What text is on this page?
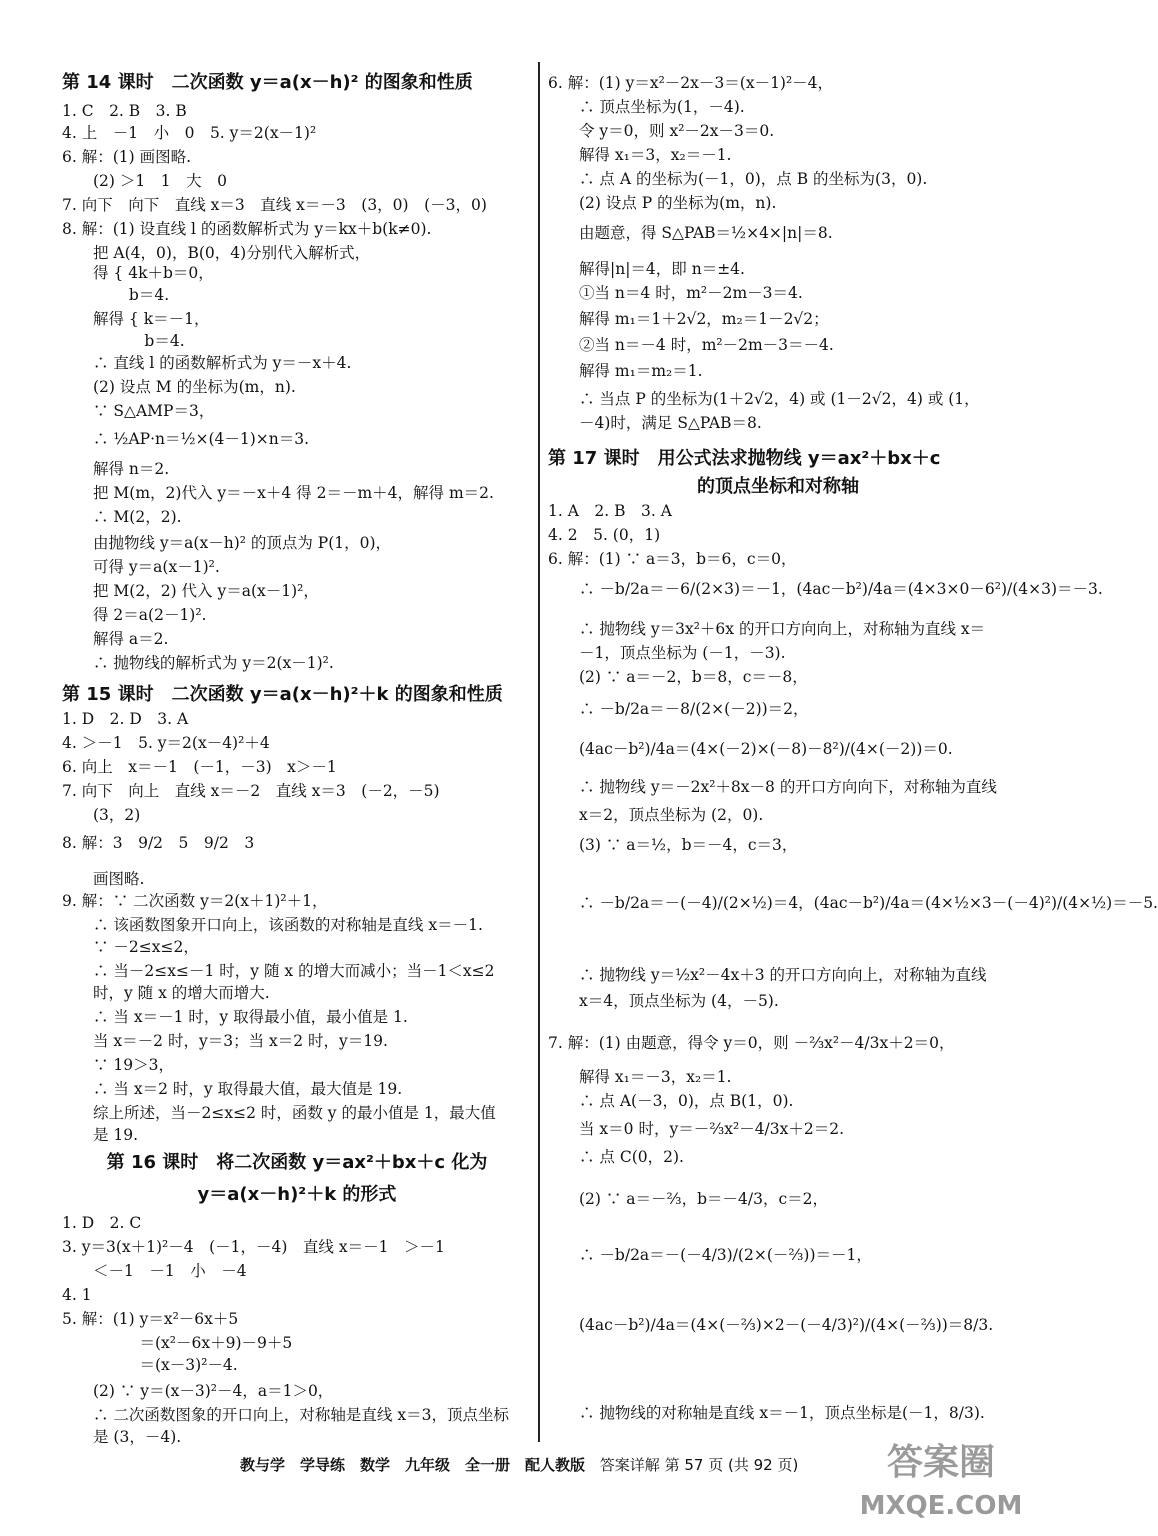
第 14 课时　二次函数 y＝a(x－h)² 的图象和性质
1. C　2. B　3. B
4. 上　－1　小　0　5. y＝2(x－1)²
6. 解：(1) 画图略.
　　(2) ＞1　1　大　0
7. 向下　向下　直线 x＝3　直线 x＝－3　(3，0)　(－3，0)
8. 解：(1) 设直线 l 的函数解析式为 y＝kx＋b(k≠0).
　　把 A(4，0)，B(0，4)分别代入解析式，
　　得 { 4k＋b＝0，
　　　　 b＝4.
　　解得 { k＝－1，
　　　　　 b＝4.
　　∴ 直线 l 的函数解析式为 y＝－x＋4.
　　(2) 设点 M 的坐标为(m，n).
　　∵ S△AMP＝3，
　　∴ ½AP·n＝½×(4－1)×n＝3.
　　解得 n＝2.
　　把 M(m，2)代入 y＝－x＋4 得 2＝－m＋4，解得 m＝2.
　　∴ M(2，2).
　　由抛物线 y＝a(x－h)² 的顶点为 P(1，0)，
　　可得 y＝a(x－1)².
　　把 M(2，2) 代入 y＝a(x－1)²，
　　得 2＝a(2－1)².
　　解得 a＝2.
　　∴ 抛物线的解析式为 y＝2(x－1)².
第 15 课时　二次函数 y＝a(x－h)²＋k 的图象和性质
1. D　2. D　3. A
4. ＞－1　5. y＝2(x－4)²＋4
6. 向上　x＝－1　(－1，－3)　x＞－1
7. 向下　向上　直线 x＝－2　直线 x＝3　(－2，－5)
　　(3，2)
8. 解：3　9/2　5　9/2　3
　　画图略.
9. 解：∵ 二次函数 y＝2(x＋1)²＋1，
　　∴ 该函数图象开口向上，该函数的对称轴是直线 x＝－1.
　　∵ －2≤x≤2，
　　∴ 当－2≤x≤－1 时，y 随 x 的增大而减小；当－1＜x≤2
　　时，y 随 x 的增大而增大.
　　∴ 当 x＝－1 时，y 取得最小值，最小值是 1.
　　当 x＝－2 时，y＝3；当 x＝2 时，y＝19.
　　∵ 19＞3，
　　∴ 当 x＝2 时，y 取得最大值，最大值是 19.
　　综上所述，当－2≤x≤2 时，函数 y 的最小值是 1，最大值
　　是 19.
第 16 课时　将二次函数 y＝ax²＋bx＋c 化为
y＝a(x－h)²＋k 的形式
1. D　2. C
3. y＝3(x＋1)²－4　(－1，－4)　直线 x＝－1　＞－1
　　＜－1　－1　小　－4
4. 1
5. 解：(1) y＝x²－6x＋5
　　　　　＝(x²－6x＋9)－9＋5
　　　　　＝(x－3)²－4.
　　(2) ∵ y＝(x－3)²－4，a＝1＞0，
　　∴ 二次函数图象的开口向上，对称轴是直线 x＝3，顶点坐标
　　是 (3，－4).
6. 解：(1) y＝x²－2x－3＝(x－1)²－4，
　　∴ 顶点坐标为(1，－4).
　　令 y＝0，则 x²－2x－3＝0.
　　解得 x₁＝3，x₂＝－1.
　　∴ 点 A 的坐标为(－1，0)，点 B 的坐标为(3，0).
　　(2) 设点 P 的坐标为(m，n).
　　由题意，得 S△PAB＝½×4×|n|＝8.
　　解得|n|＝4，即 n＝±4.
　　①当 n＝4 时，m²－2m－3＝4.
　　解得 m₁＝1＋2√2，m₂＝1－2√2；
　　②当 n＝－4 时，m²－2m－3＝－4.
　　解得 m₁＝m₂＝1.
　　∴ 当点 P 的坐标为(1＋2√2，4) 或 (1－2√2，4) 或 (1，
　　－4)时，满足 S△PAB＝8.
第 17 课时　用公式法求抛物线 y＝ax²＋bx＋c
的顶点坐标和对称轴
1. A　2. B　3. A
4. 2　5. (0，1)
6. 解：(1) ∵ a＝3，b＝6，c＝0，
　　∴ －b/2a＝－6/(2×3)＝－1，(4ac－b²)/4a＝(4×3×0－6²)/(4×3)＝－3.
　　∴ 抛物线 y＝3x²＋6x 的开口方向向上，对称轴为直线 x＝
　　－1，顶点坐标为 (－1，－3).
　　(2) ∵ a＝－2，b＝8，c＝－8，
　　∴ －b/2a＝－8/(2×(－2))＝2，
　　(4ac－b²)/4a＝(4×(－2)×(－8)－8²)/(4×(－2))＝0.
　　∴ 抛物线 y＝－2x²＋8x－8 的开口方向向下，对称轴为直线
　　x＝2，顶点坐标为 (2，0).
　　(3) ∵ a＝½，b＝－4，c＝3，
　　∴ －b/2a＝－(－4)/(2×½)＝4，(4ac－b²)/4a＝(4×½×3－(－4)²)/(4×½)＝－5.
　　∴ 抛物线 y＝½x²－4x＋3 的开口方向向上，对称轴为直线
　　x＝4，顶点坐标为 (4，－5).
7. 解：(1) 由题意，得令 y＝0，则 －⅔x²－4/3x＋2＝0，
　　解得 x₁＝－3，x₂＝1.
　　∴ 点 A(－3，0)，点 B(1，0).
　　当 x＝0 时，y＝－⅔x²－4/3x＋2＝2.
　　∴ 点 C(0，2).
　　(2) ∵ a＝－⅔，b＝－4/3，c＝2，
　　∴ －b/2a＝－(－4/3)/(2×(－⅔))＝－1，
　　(4ac－b²)/4a＝(4×(－⅔)×2－(－4/3)²)/(4×(－⅔))＝8/3.
　　∴ 抛物线的对称轴是直线 x＝－1，顶点坐标是(－1，8/3).
教与学　学导练　数学　九年级　全一册　配人教版 答案详解 第 57 页 (共 92 页) 答案圈
MXQE.COM
